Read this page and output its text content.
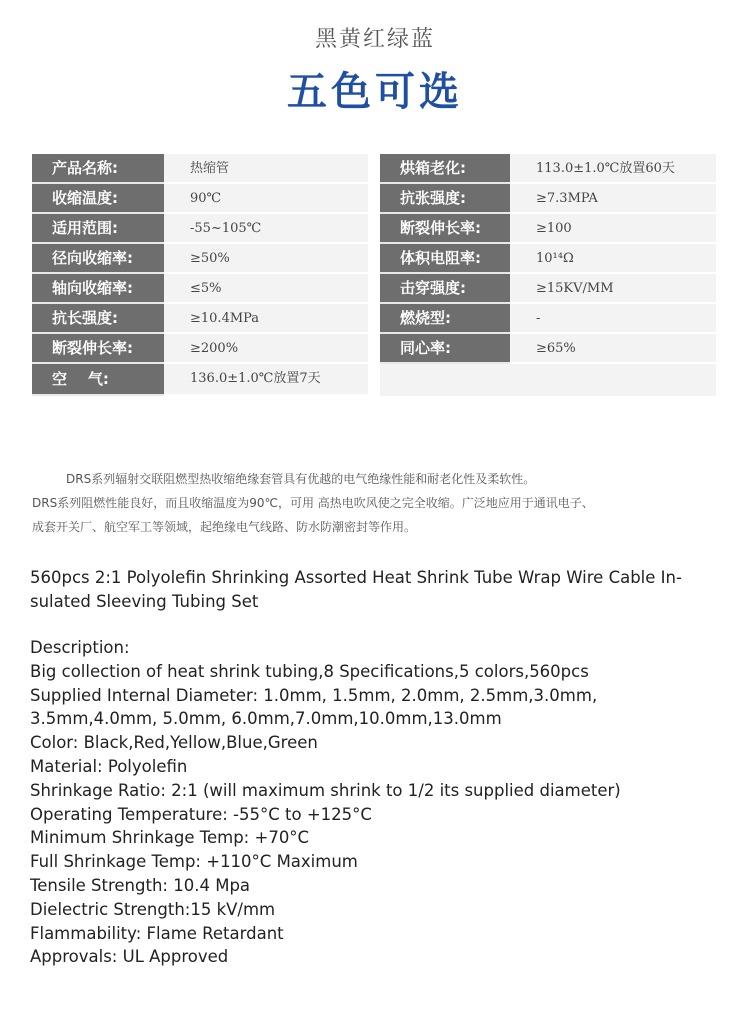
黑黄红绿蓝
五色可选
产品名称:	热缩管
收缩温度:	90℃
适用范围:	-55~105℃
径向收缩率:	≥50%
轴向收缩率:	≤5%
抗长强度:	≥10.4MPa
断裂伸长率:	≥200%
空    气:	136.0±1.0℃放置7天
烘箱老化:	113.0±1.0℃放置60天
抗张强度:	≥7.3MPA
断裂伸长率:	≥100
体积电阻率:	10¹⁴Ω
击穿强度:	≥15KV/MM
燃烧型:	-
同心率:	≥65%
DRS系列辐射交联阻燃型热收缩绝缘套管具有优越的电气绝缘性能和耐老化性及柔软性。
DRS系列阻燃性能良好，而且收缩温度为90℃，可用 高热电吹风使之完全收缩。广泛地应用于通讯电子、
成套开关厂、航空军工等领域，起绝缘电气线路、防水防潮密封等作用。
560pcs 2:1 Polyolefin Shrinking Assorted Heat Shrink Tube Wrap Wire Cable In-
sulated Sleeving Tubing Set
Description:
Big collection of heat shrink tubing,8 Specifications,5 colors,560pcs
Supplied Internal Diameter: 1.0mm, 1.5mm, 2.0mm, 2.5mm,3.0mm,
3.5mm,4.0mm, 5.0mm, 6.0mm,7.0mm,10.0mm,13.0mm
Color: Black,Red,Yellow,Blue,Green
Material: Polyolefin
Shrinkage Ratio: 2:1 (will maximum shrink to 1/2 its supplied diameter)
Operating Temperature: -55°C to +125°C
Minimum Shrinkage Temp: +70°C
Full Shrinkage Temp: +110°C Maximum
Tensile Strength: 10.4 Mpa
Dielectric Strength:15 kV/mm
Flammability: Flame Retardant
Approvals: UL Approved
